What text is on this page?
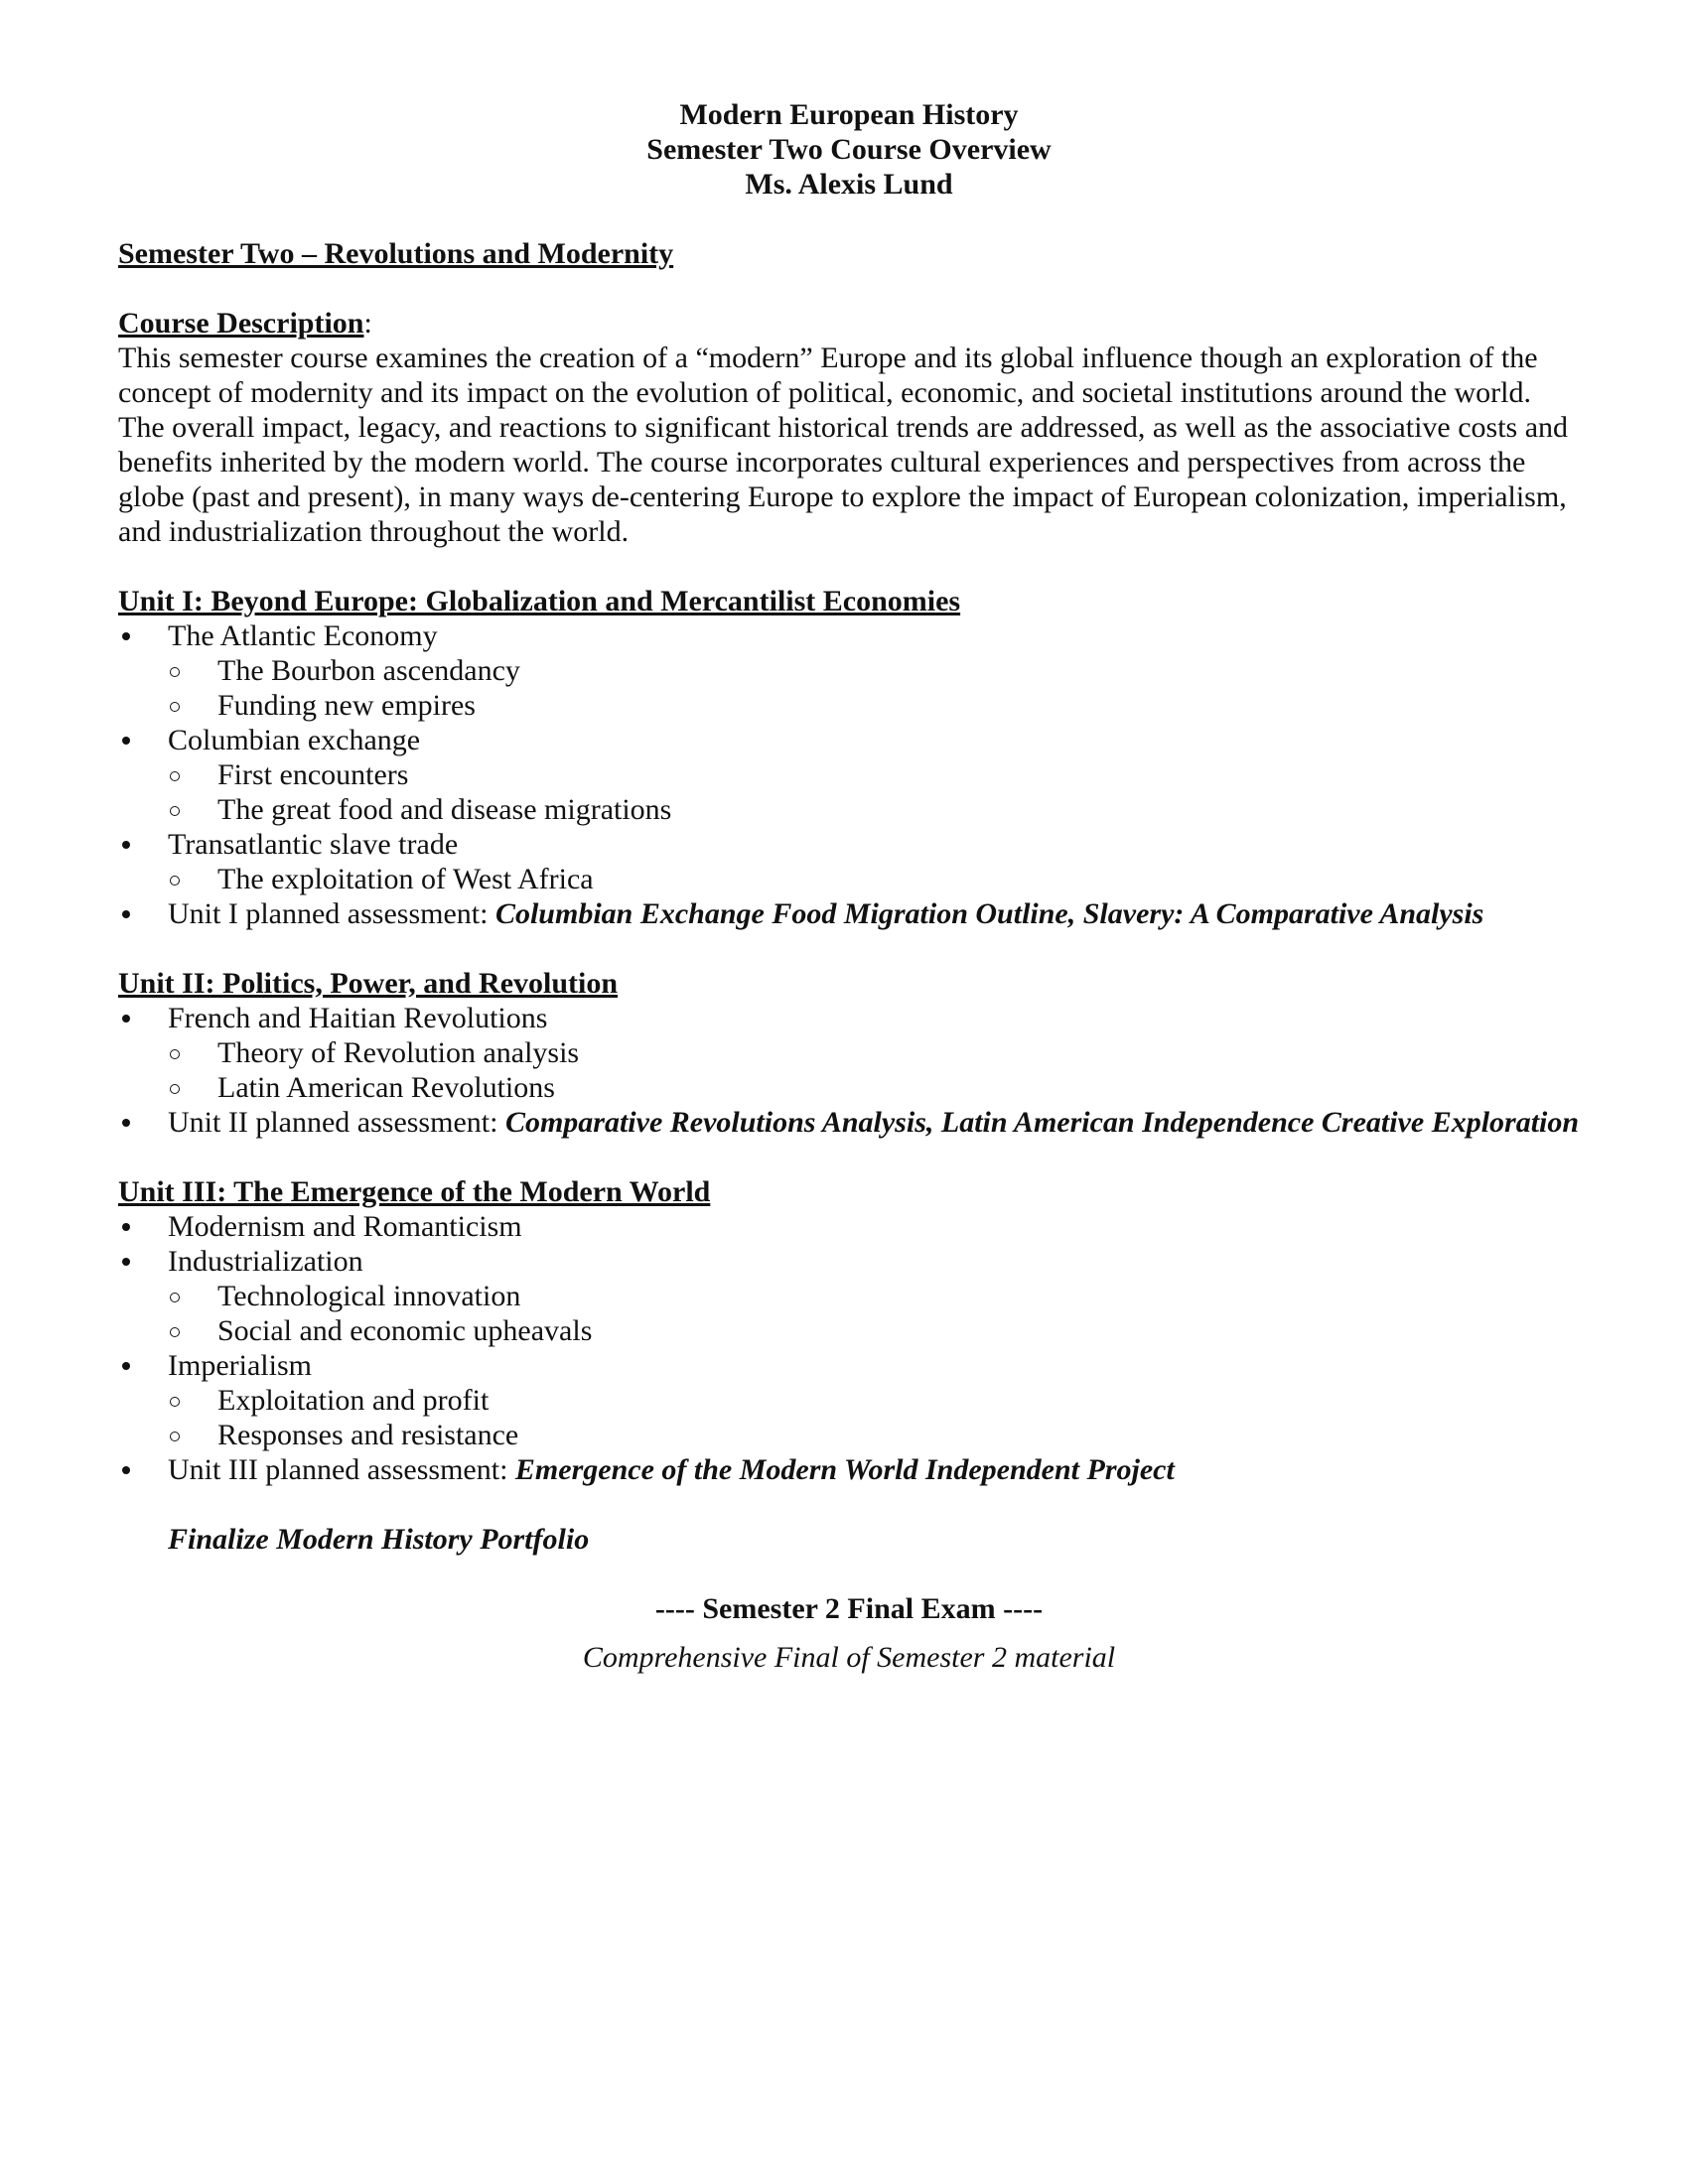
Modern European History
Semester Two Course Overview
Ms. Alexis Lund
Semester Two – Revolutions and Modernity
Course Description:
This semester course examines the creation of a “modern” Europe and its global influence though an exploration of the concept of modernity and its impact on the evolution of political, economic, and societal institutions around the world. The overall impact, legacy, and reactions to significant historical trends are addressed, as well as the associative costs and benefits inherited by the modern world. The course incorporates cultural experiences and perspectives from across the globe (past and present), in many ways de-centering Europe to explore the impact of European colonization, imperialism, and industrialization throughout the world.
Unit I: Beyond Europe: Globalization and Mercantilist Economies
The Atlantic Economy
The Bourbon ascendancy
Funding new empires
Columbian exchange
First encounters
The great food and disease migrations
Transatlantic slave trade
The exploitation of West Africa
Unit I planned assessment: Columbian Exchange Food Migration Outline, Slavery: A Comparative Analysis
Unit II: Politics, Power, and Revolution
French and Haitian Revolutions
Theory of Revolution analysis
Latin American Revolutions
Unit II planned assessment: Comparative Revolutions Analysis, Latin American Independence Creative Exploration
Unit III: The Emergence of the Modern World
Modernism and Romanticism
Industrialization
Technological innovation
Social and economic upheavals
Imperialism
Exploitation and profit
Responses and resistance
Unit III planned assessment: Emergence of the Modern World Independent Project
Finalize Modern History Portfolio
---- Semester 2 Final Exam ----
Comprehensive Final of Semester 2 material
